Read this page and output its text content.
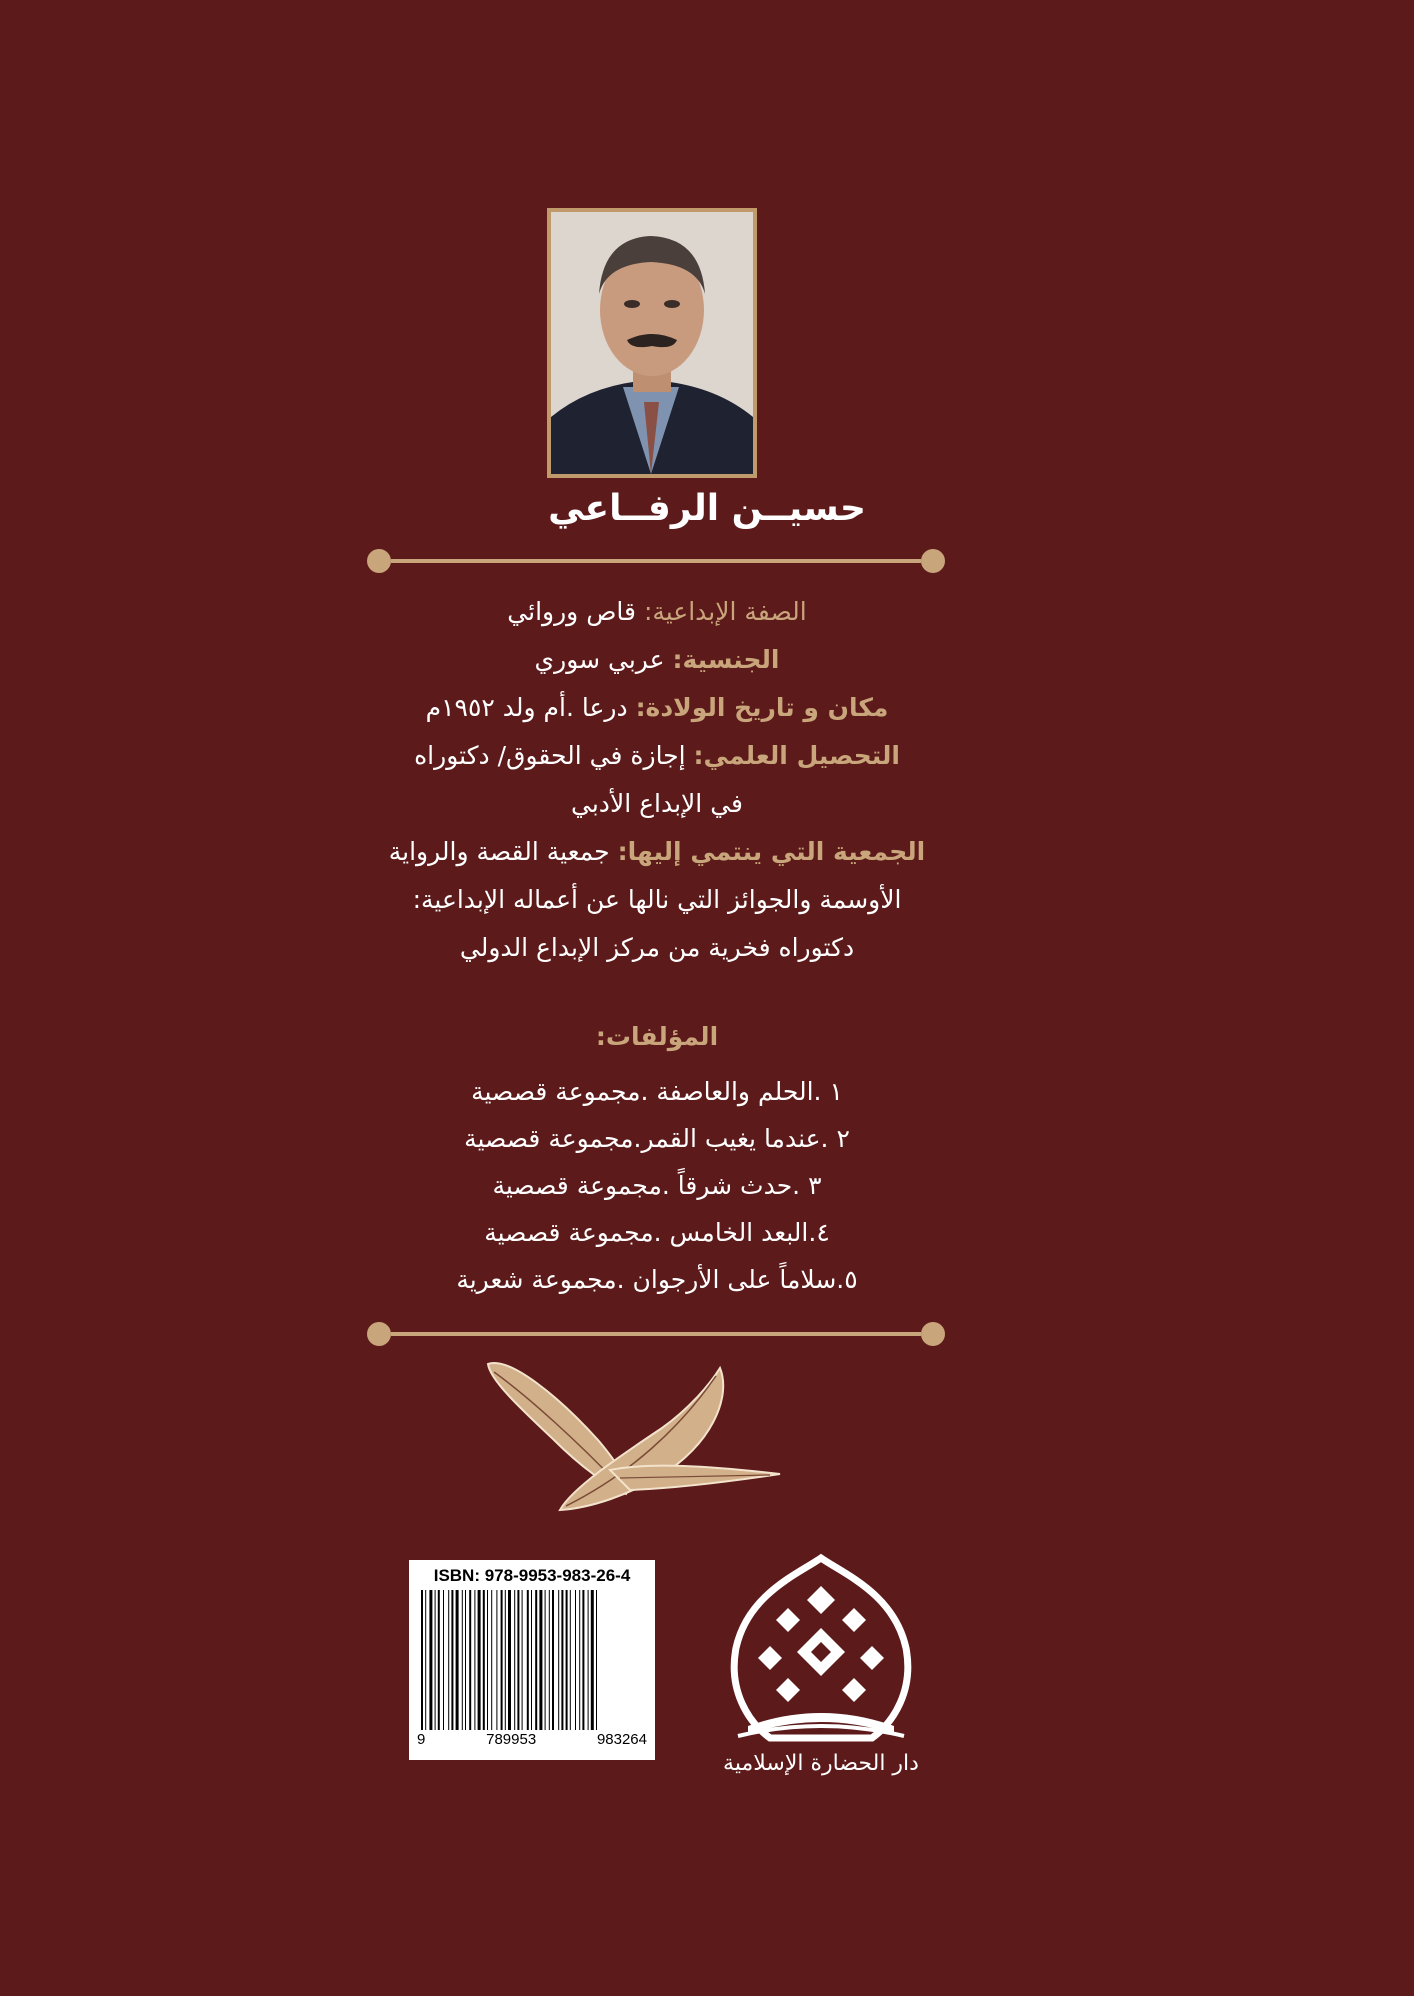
حسيــن الرفــاعي

الصفة الإبداعية: قاص وروائي

الجنسية: عربي سوري

مكان و تاريخ الولادة: درعا .أم ولد ١٩٥٢م

التحصيل العلمي: إجازة في الحقوق/ دكتوراه

في الإبداع الأدبي

الجمعية التي ينتمي إليها: جمعية القصة والرواية

الأوسمة والجوائز التي نالها عن أعماله الإبداعية:

دكتوراه فخرية من مركز الإبداع الدولي

المؤلفات:
١ .الحلم والعاصفة .مجموعة قصصية
٢ .عندما يغيب القمر.مجموعة قصصية
٣ .حدث شرقاً .مجموعة قصصية
٤.البعد الخامس .مجموعة قصصية
٥.سلاماً على الأرجوان .مجموعة شعرية
ISBN: 978-9953-983-26-4
9	789953	983264
دار الحضارة الإسلامية
